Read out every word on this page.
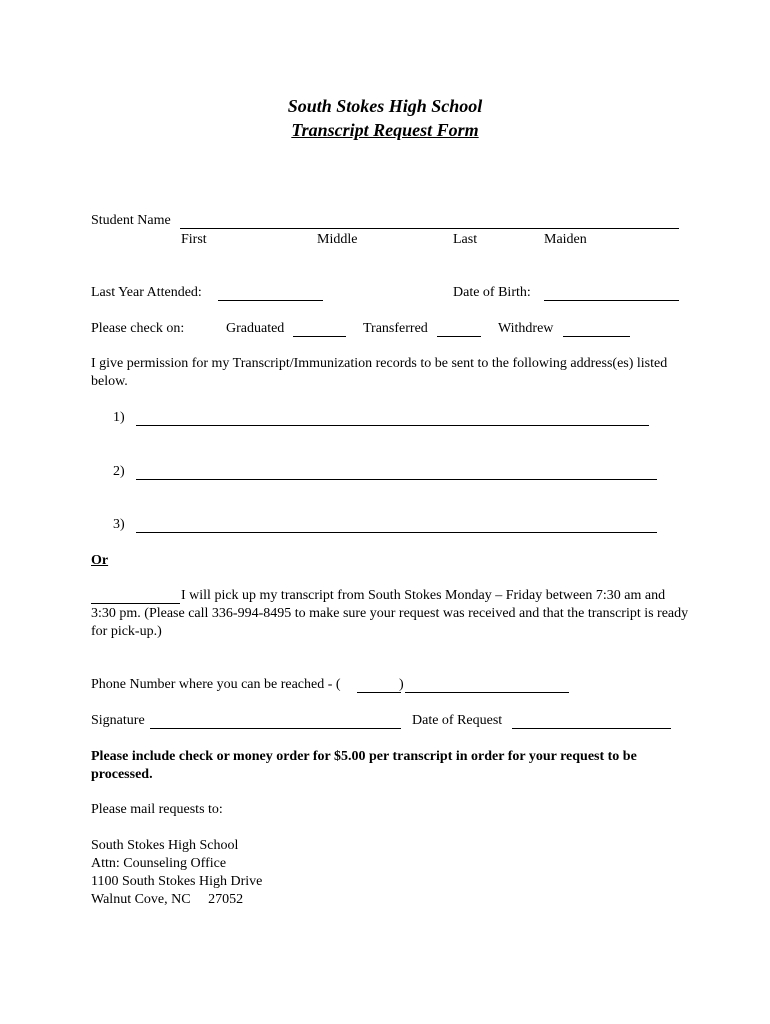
South Stokes High School
Transcript Request Form
Student Name
First	Middle	Last	Maiden
Last Year Attended:	Date of Birth:
Please check on:	Graduated	Transferred	Withdrew
I give permission for my Transcript/Immunization records to be sent to the following address(es) listed below.
1)
2)
3)
Or
I will pick up my transcript from South Stokes Monday – Friday between 7:30 am and 3:30 pm. (Please call 336-994-8495 to make sure your request was received and that the transcript is ready for pick-up.)
Phone Number where you can be reached - (	)
Signature	Date of Request
Please include check or money order for $5.00 per transcript in order for your request to be processed.
Please mail requests to:
South Stokes High School
Attn: Counseling Office
1100 South Stokes High Drive
Walnut Cove, NC     27052
